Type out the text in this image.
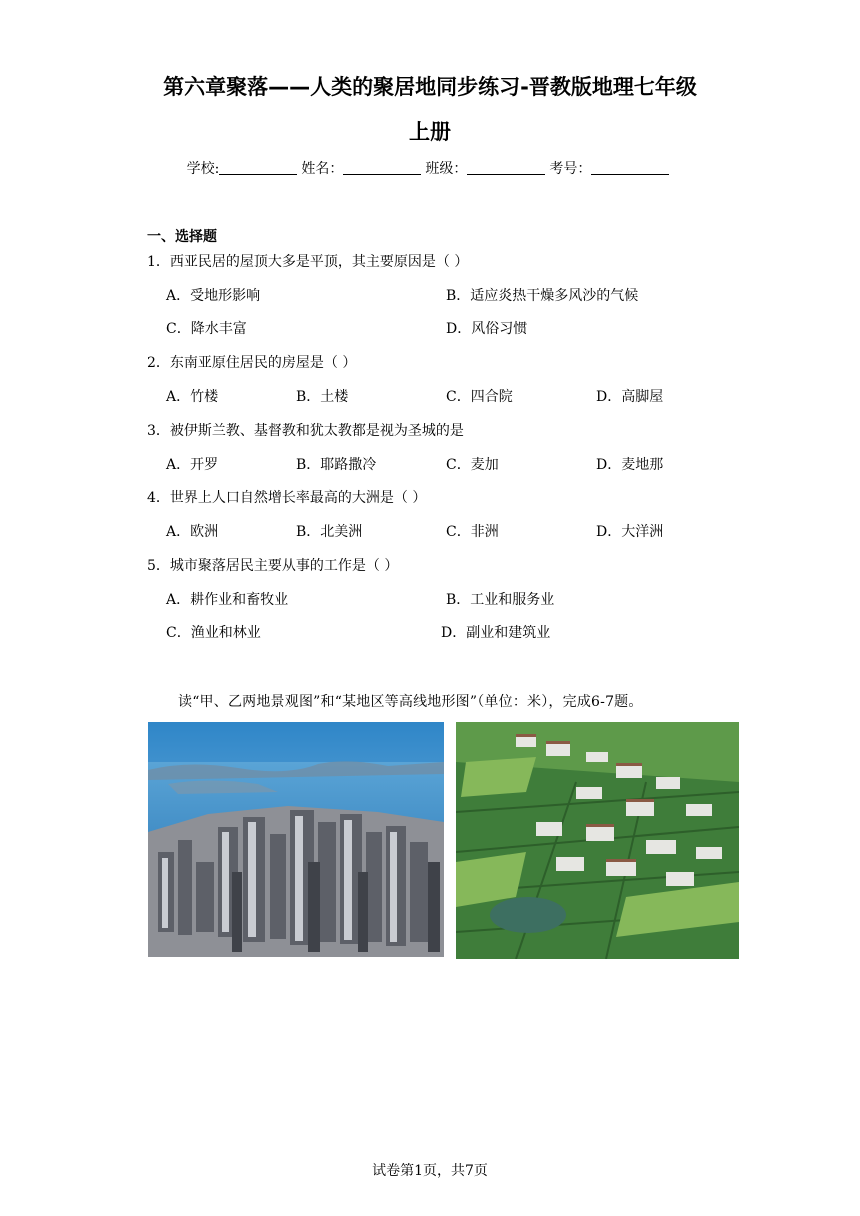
第六章聚落——人类的聚居地同步练习-晋教版地理七年级
上册
学校:	姓名：	班级：	考号：
一、选择题
1．西亚民居的屋顶大多是平顶，其主要原因是（ ）
A．受地形影响	B．适应炎热干燥多风沙的气候
C．降水丰富	D．风俗习惯
2．东南亚原住居民的房屋是（ ）
A．竹楼	B．土楼	C．四合院	D．高脚屋
3．被伊斯兰教、基督教和犹太教都是视为圣城的是
A．开罗	B．耶路撒冷	C．麦加	D．麦地那
4．世界上人口自然增长率最高的大洲是（ ）
A．欧洲	B．北美洲	C．非洲	D．大洋洲
5．城市聚落居民主要从事的工作是（ ）
A．耕作业和畜牧业	B．工业和服务业
C．渔业和林业	D．副业和建筑业
读“甲、乙两地景观图”和“某地区等高线地形图”（单位：米），完成6-7题。
试卷第1页，共7页
